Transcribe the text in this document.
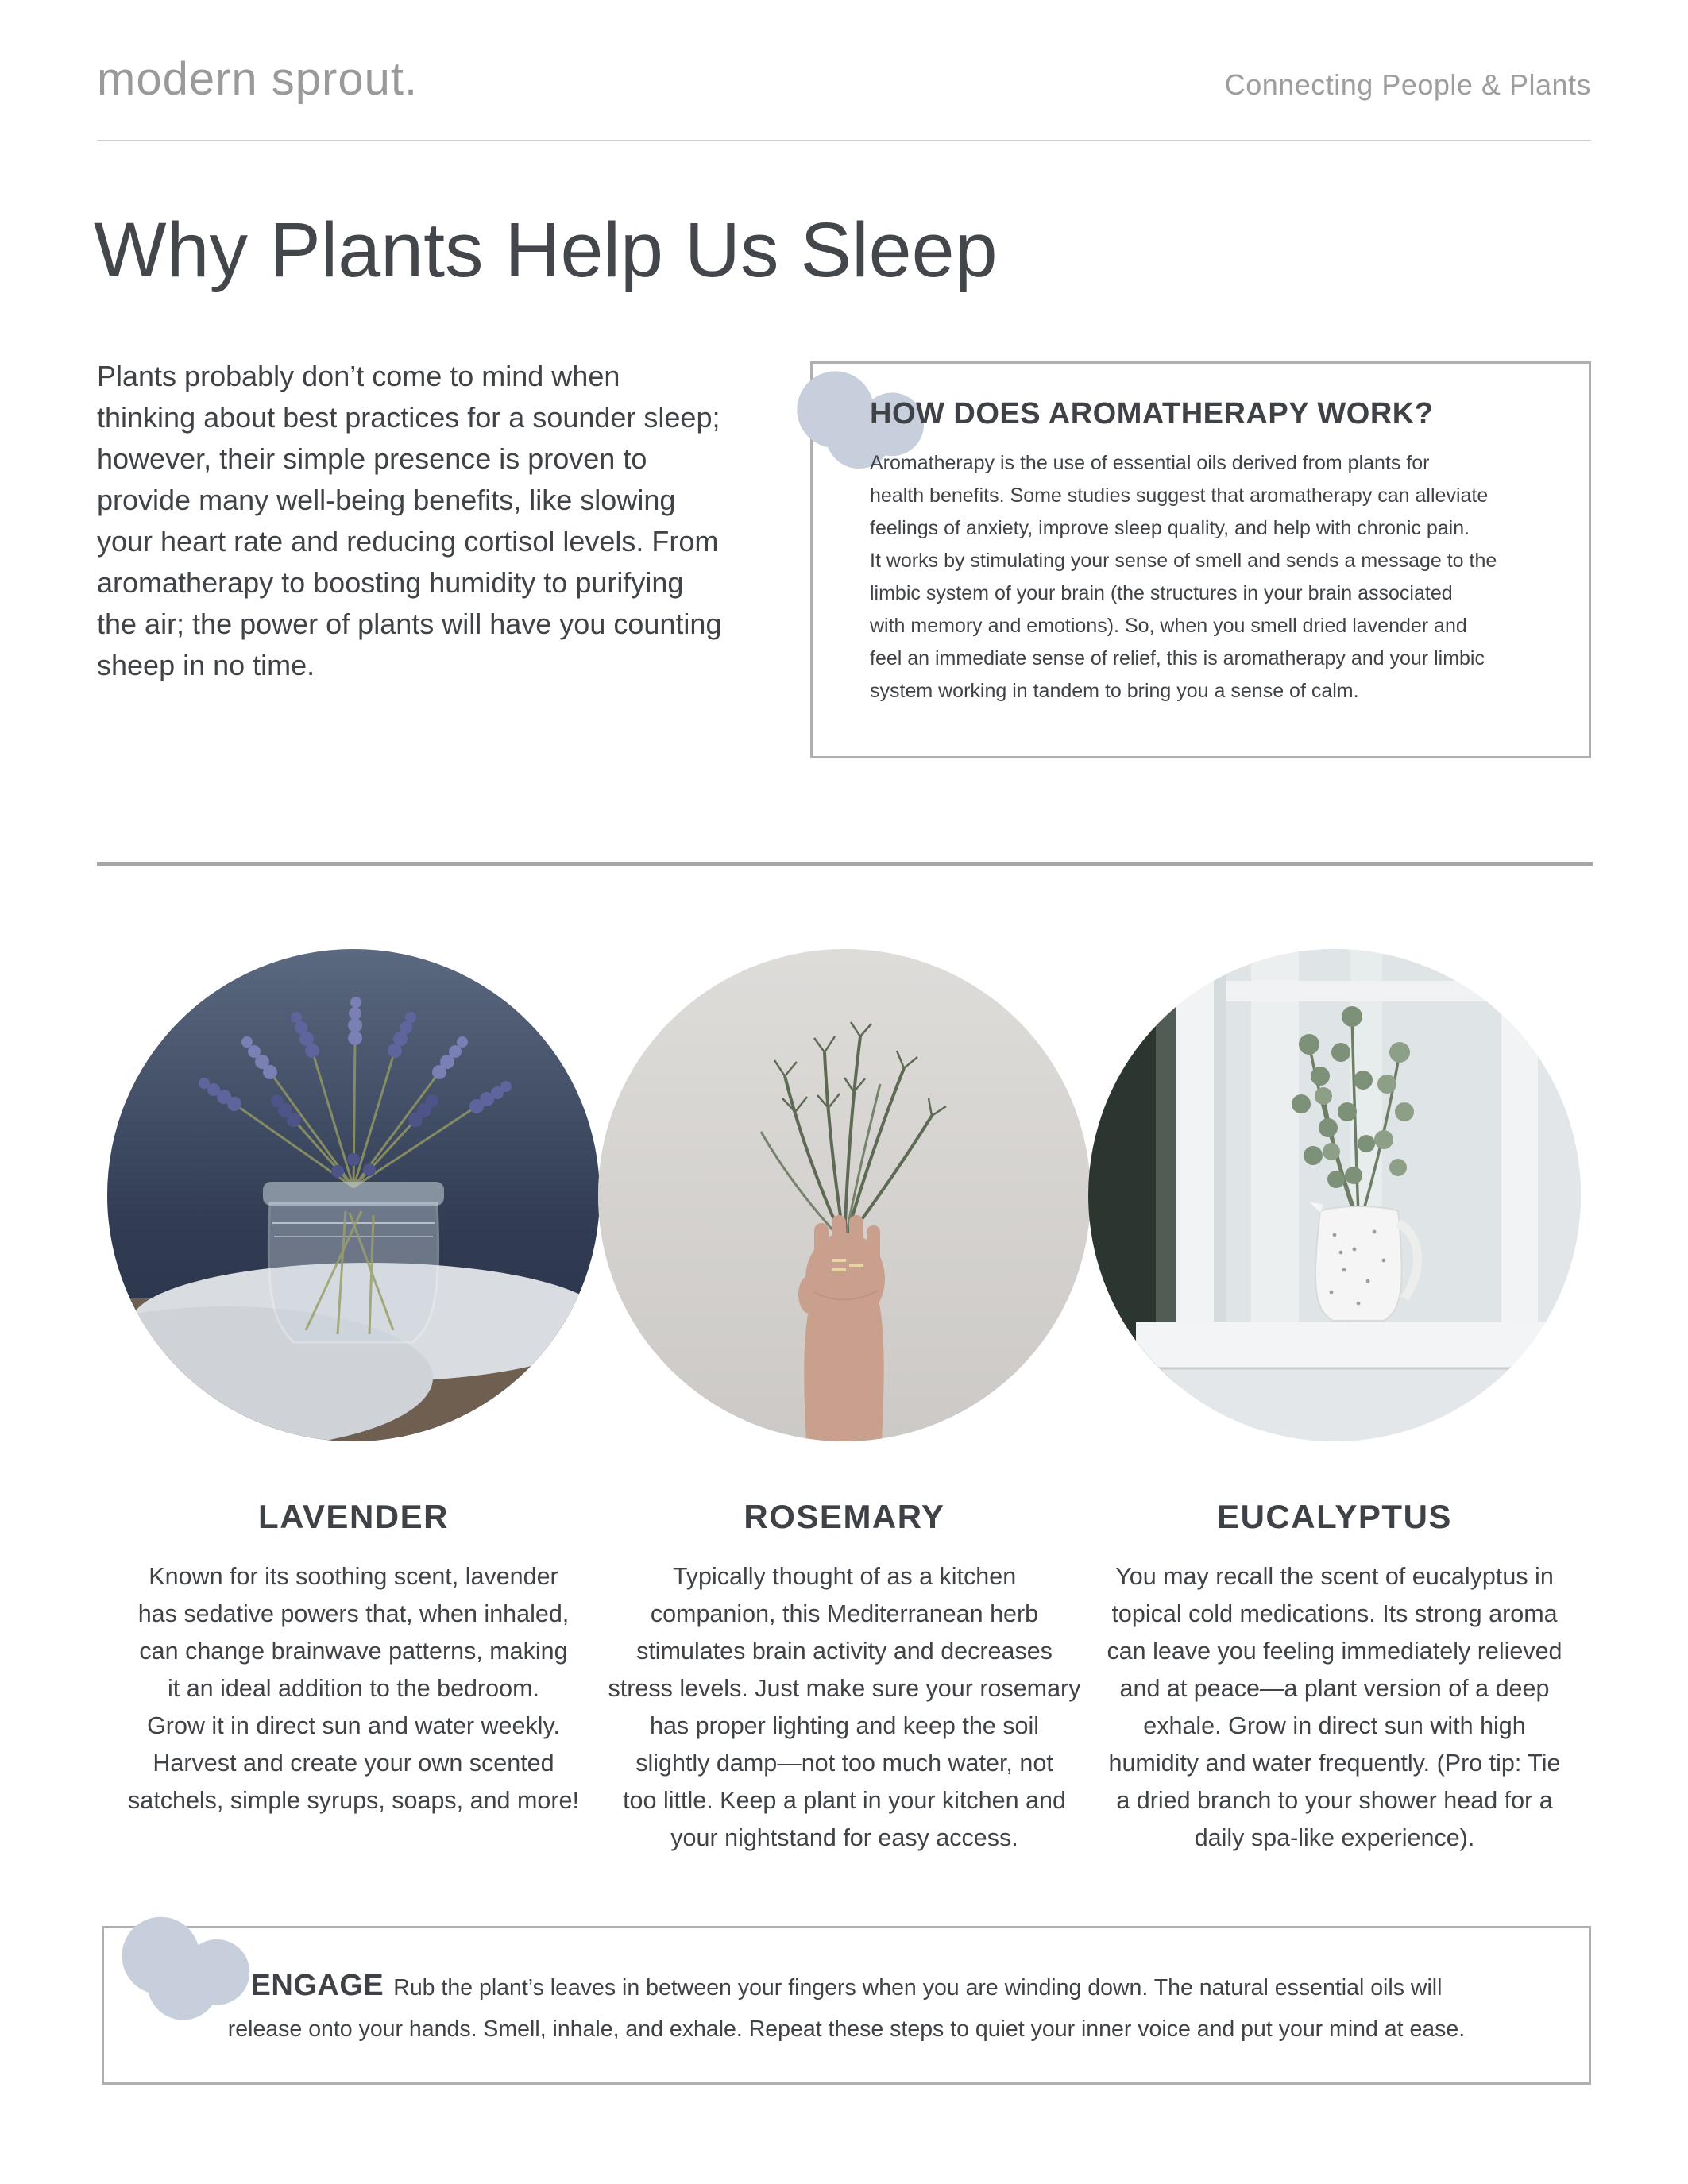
modern sprout.	Connecting People & Plants
Why Plants Help Us Sleep
Plants probably don’t come to mind when
thinking about best practices for a sounder sleep;
however, their simple presence is proven to
provide many well-being benefits, like slowing
your heart rate and reducing cortisol levels. From
aromatherapy to boosting humidity to purifying
the air; the power of plants will have you counting
sheep in no time.
HOW DOES AROMATHERAPY WORK?
Aromatherapy is the use of essential oils derived from plants for
health benefits. Some studies suggest that aromatherapy can alleviate
feelings of anxiety, improve sleep quality, and help with chronic pain.
It works by stimulating your sense of smell and sends a message to the
limbic system of your brain (the structures in your brain associated
with memory and emotions). So, when you smell dried lavender and
feel an immediate sense of relief, this is aromatherapy and your limbic
system working in tandem to bring you a sense of calm.
LAVENDER	ROSEMARY	EUCALYPTUS
Known for its soothing scent, lavender
has sedative powers that, when inhaled,
can change brainwave patterns, making
it an ideal addition to the bedroom.
Grow it in direct sun and water weekly.
Harvest and create your own scented
satchels, simple syrups, soaps, and more!
Typically thought of as a kitchen
companion, this Mediterranean herb
stimulates brain activity and decreases
stress levels. Just make sure your rosemary
has proper lighting and keep the soil
slightly damp—not too much water, not
too little. Keep a plant in your kitchen and
your nightstand for easy access.
You may recall the scent of eucalyptus in
topical cold medications. Its strong aroma
can leave you feeling immediately relieved
and at peace—a plant version of a deep
exhale. Grow in direct sun with high
humidity and water frequently. (Pro tip: Tie
a dried branch to your shower head for a
daily spa-like experience).
ENGAGE Rub the plant’s leaves in between your fingers when you are winding down. The natural essential oils will
release onto your hands. Smell, inhale, and exhale. Repeat these steps to quiet your inner voice and put your mind at ease.
